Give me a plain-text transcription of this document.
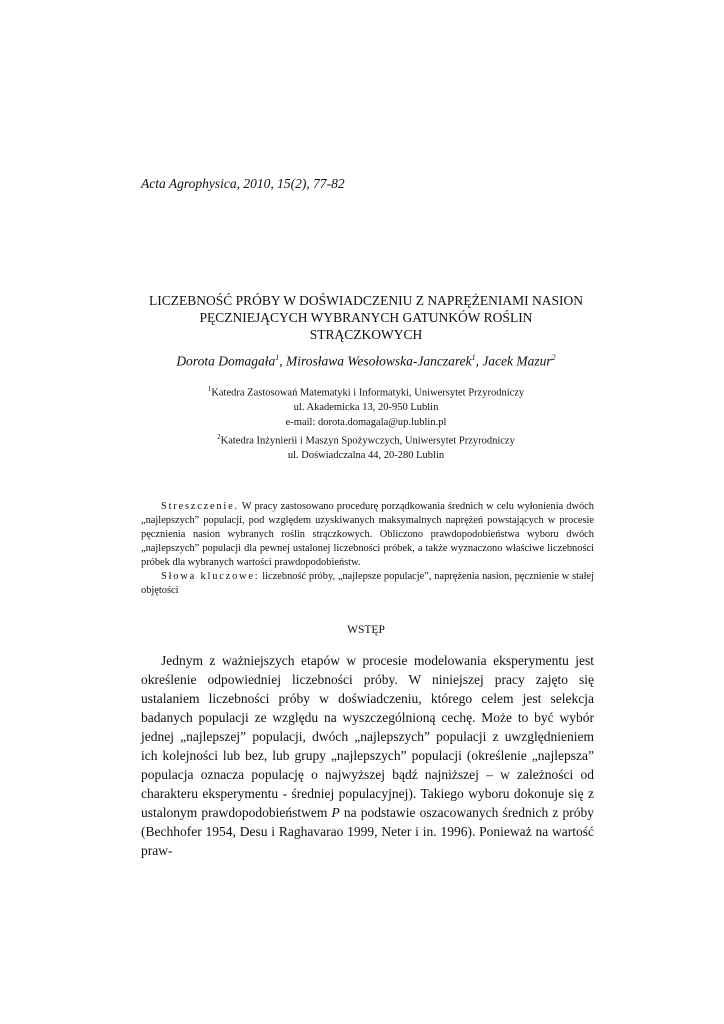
Acta Agrophysica, 2010, 15(2), 77-82

LICZEBNOŚĆ PRÓBY W DOŚWIADCZENIU Z NAPRĘŻENIAMI NASION
PĘCZNIEJĄCYCH WYBRANYCH GATUNKÓW ROŚLIN
STRĄCZKOWYCH

Dorota Domagała$^1$, Mirosława Wesołowska-Janczarek$^1$, Jacek Mazur$^2$

$^1$Katedra Zastosowań Matematyki i Informatyki, Uniwersytet Przyrodniczy
ul. Akademicka 13, 20-950 Lublin
e-mail: dorota.domagala@up.lublin.pl
$^2$Katedra Inżynierii i Maszyn Spożywczych, Uniwersytet Przyrodniczy
ul. Doświadczalna 44, 20-280 Lublin

Streszczenie. W pracy zastosowano procedurę porządkowania średnich w celu wyłonienia dwóch „najlepszych” populacji, pod względem uzyskiwanych maksymalnych naprężeń powstających w procesie pęcznienia nasion wybranych roślin strączkowych. Obliczono prawdopodobieństwa wyboru dwóch „najlepszych” populacji dla pewnej ustalonej liczebności próbek, a także wyznaczono właściwe liczebności próbek dla wybranych wartości prawdopodobieństw.

Słowa kluczowe: liczebność próby, „najlepsze populacje”, naprężenia nasion, pęcznienie w stałej objętości

WSTĘP

Jednym z ważniejszych etapów w procesie modelowania eksperymentu jest określenie odpowiedniej liczebności próby. W niniejszej pracy zajęto się ustalaniem liczebności próby w doświadczeniu, którego celem jest selekcja badanych populacji ze względu na wyszczególnioną cechę. Może to być wybór jednej „najlepszej” populacji, dwóch „najlepszych” populacji z uwzględnieniem ich kolejności lub bez, lub grupy „najlepszych” populacji (określenie „najlepsza” populacja oznacza populację o najwyższej bądź najniższej – w zależności od charakteru eksperymentu - średniej populacyjnej). Takiego wyboru dokonuje się z ustalonym prawdopodobieństwem P na podstawie oszacowanych średnich z próby (Bechhofer 1954, Desu i Raghavarao 1999, Neter i in. 1996). Ponieważ na wartość praw-
